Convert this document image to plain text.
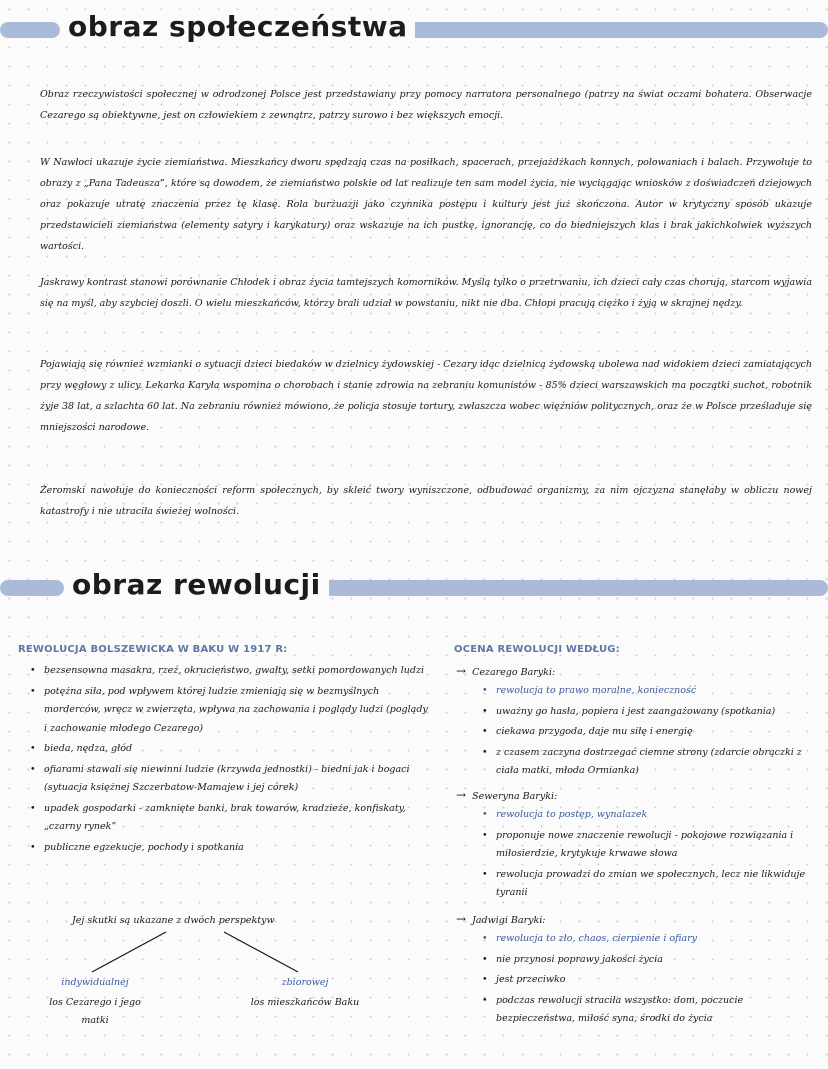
obraz społeczeństwa

Obraz rzeczywistości społecznej w odrodzonej Polsce jest przedstawiany przy pomocy narratora personalnego (patrzy na świat oczami bohatera. Obserwacje Cezarego są obiektywne, jest on człowiekiem z zewnątrz, patrzy surowo i bez większych emocji.

W Nawłoci ukazuje życie ziemiaństwa. Mieszkańcy dworu spędzają czas na posiłkach, spacerach, przejażdżkach konnych, polowaniach i balach. Przywołuje to obrazy z „Pana Tadeusza”, które są dowodem, że ziemiaństwo polskie od lat realizuje ten sam model życia, nie wyciągając wniosków z doświadczeń dziejowych oraz pokazuje utratę znaczenia przez tę klasę. Rola burżuazji jako czynnika postępu i kultury jest już skończona. Autor w krytyczny sposób ukazuje przedstawicieli ziemiaństwa (elementy satyry i karykatury) oraz wskazuje na ich pustkę, ignorancję, co do biedniejszych klas i brak jakichkolwiek wyższych wartości.

Jaskrawy kontrast stanowi porównanie Chłodek i obraz życia tamtejszych komorników. Myślą tylko o przetrwaniu, ich dzieci cały czas chorują, starcom wyjawia się na myśl, aby szybciej doszli. O wielu mieszkańców, którzy brali udział w powstaniu, nikt nie dba. Chłopi pracują ciężko i żyją w skrajnej nędzy.

Pojawiają się również wzmianki o sytuacji dzieci biedaków w dzielnicy żydowskiej - Cezary idąc dzielnicą żydowską ubolewa nad widokiem dzieci zamiatających przy węgłowy z ulicy. Lekarka Karyła wspomina o chorobach i stanie zdrowia na zebraniu komunistów - 85% dzieci warszawskich ma początki suchot, robotnik żyje 38 lat, a szlachta 60 lat. Na zebraniu również mówiono, że policja stosuje tortury, zwłaszcza wobec więźniów politycznych, oraz że w Polsce prześladuje się mniejszości narodowe.

Żeromski nawołuje do konieczności reform społecznych, by skleić twory wyniszczone, odbudować organizmy, za nim ojczyzna stanęłaby w obliczu nowej katastrofy i nie utraciła świeżej wolności.

obraz rewolucji
REWOLUCJA BOLSZEWICKA W BAKU W 1917 R:
• bezsensowna masakra, rzeź, okrucieństwo, gwałty, setki pomordowanych ludzi
• potężna siła, pod wpływem której ludzie zmieniają się w bezmyślnych morderców, wręcz w zwierzęta, wpływa na zachowania i poglądy ludzi (poglądy i zachowanie młodego Cezarego)
• bieda, nędza, głód
• ofiarami stawali się niewinni ludzie (krzywda jednostki) - biedni jak i bogaci (sytuacja księżnej Szczerbatow-Mamajew i jej córek)
• upadek gospodarki - zamknięte banki, brak towarów, kradzieże, konfiskaty, „czarny rynek”
• publiczne egzekucje, pochody i spotkania

Jej skutki są ukazane z dwóch perspektyw

indywidualnej

los Cezarego i jego matki

zbiorowej

los mieszkańców Baku

OCENA REWOLUCJI WEDŁUG:

→ Cezarego Baryki:

• rewolucja to prawo moralne, konieczność
• uważny go hasła, popiera i jest zaangażowany (spotkania)
• ciekawa przygoda, daje mu siłę i energię
• z czasem zaczyna dostrzegać ciemne strony (zdarcie obrączki z ciała matki, młoda Ormianka)

→ Seweryna Baryki:

• rewolucja to postęp, wynalazek
• proponuje nowe znaczenie rewolucji - pokojowe rozwiązania i miłosierdzie, krytykuje krwawe słowa
• rewolucja prowadzi do zmian we społecznych, lecz nie likwiduje tyranii

→ Jadwigi Baryki:

• rewolucja to zło, chaos, cierpienie i ofiary
• nie przynosi poprawy jakości życia
• jest przeciwko
• podczas rewolucji straciła wszystko: dom, poczucie bezpieczeństwa, miłość syna, środki do życia
